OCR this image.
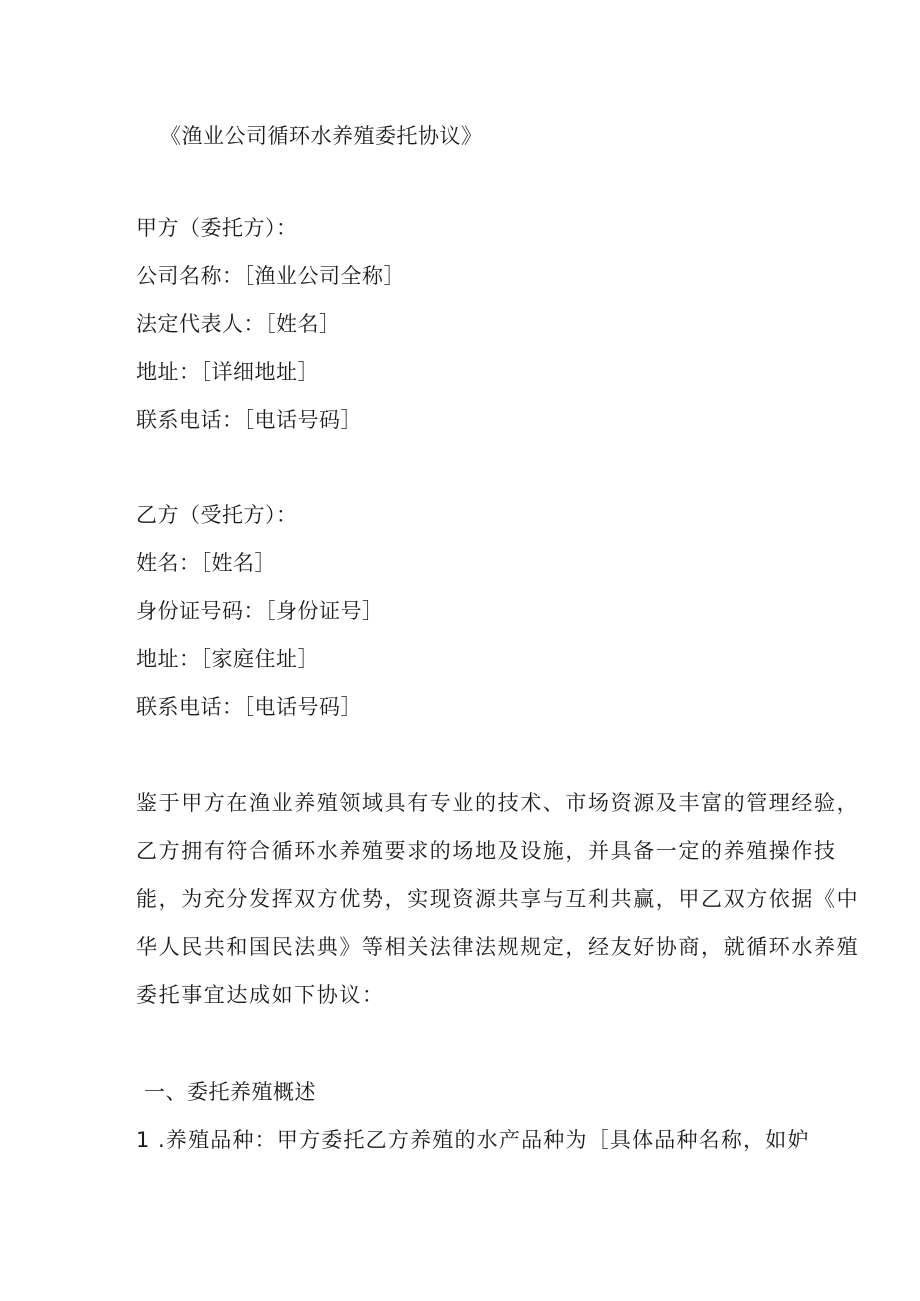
《渔业公司循环水养殖委托协议》
甲方（委托方）：
公司名称：［渔业公司全称］
法定代表人：［姓名］
地址：［详细地址］
联系电话：［电话号码］
乙方（受托方）：
姓名：［姓名］
身份证号码：［身份证号］
地址：［家庭住址］
联系电话：［电话号码］
鉴于甲方在渔业养殖领域具有专业的技术、市场资源及丰富的管理经验，
乙方拥有符合循环水养殖要求的场地及设施，并具备一定的养殖操作技
能，为充分发挥双方优势，实现资源共享与互利共赢，甲乙双方依据《中
华人民共和国民法典》等相关法律法规规定，经友好协商，就循环水养殖
委托事宜达成如下协议：
一、委托养殖概述
1 .养殖品种：甲方委托乙方养殖的水产品种为［具体品种名称，如妒
